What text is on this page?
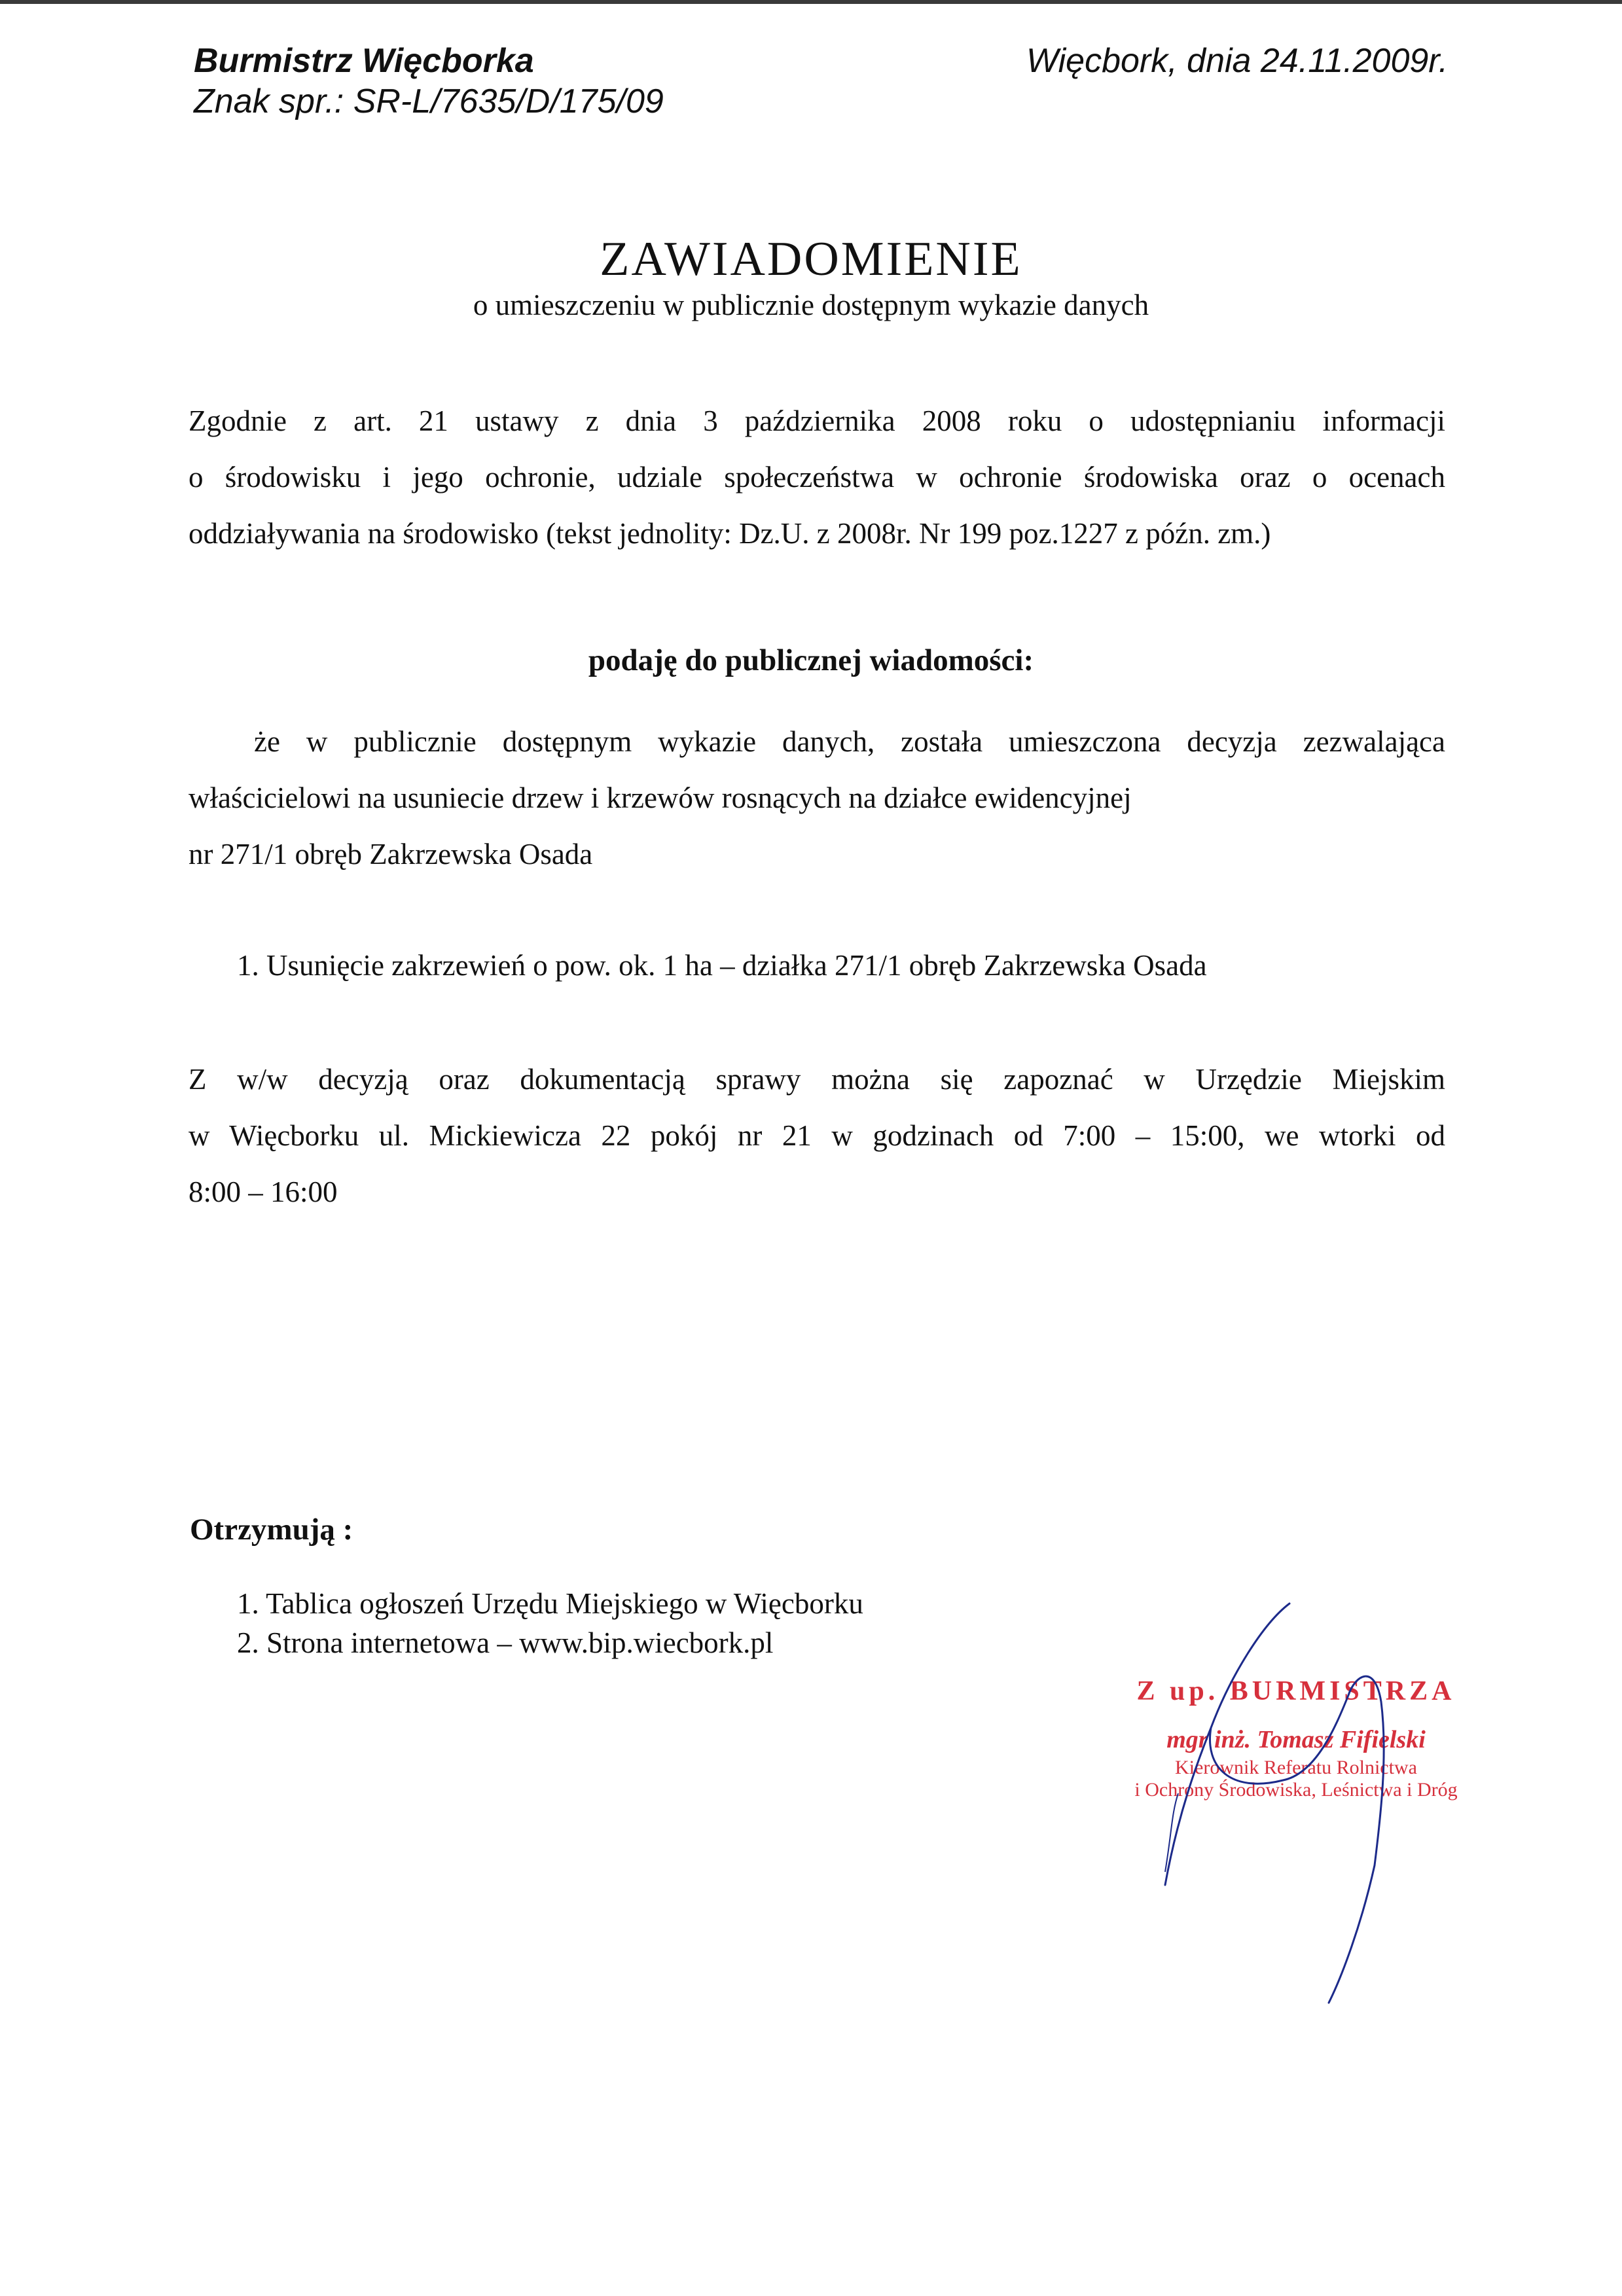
Burmistrz Więcborka
Znak spr.: SR-L/7635/D/175/09
Więcbork, dnia 24.11.2009r.
ZAWIADOMIENIE
o umieszczeniu w publicznie dostępnym wykazie danych
Zgodnie z art. 21 ustawy z dnia 3 października 2008 roku o udostępnianiu informacji
o środowisku i jego ochronie, udziale społeczeństwa w ochronie środowiska oraz o ocenach
oddziaływania na środowisko (tekst jednolity: Dz.U. z 2008r. Nr 199 poz.1227 z późn. zm.)
podaję do publicznej wiadomości:
że w publicznie dostępnym wykazie danych, została umieszczona decyzja zezwalająca
właścicielowi na usuniecie drzew i krzewów rosnących na działce ewidencyjnej
nr 271/1 obręb Zakrzewska Osada
1. Usunięcie zakrzewień o pow. ok. 1 ha – działka 271/1 obręb Zakrzewska Osada
Z w/w decyzją oraz dokumentacją sprawy można się zapoznać w Urzędzie Miejskim
w Więcborku ul. Mickiewicza 22 pokój nr 21 w godzinach od 7:00 – 15:00, we wtorki od
8:00 – 16:00
Otrzymują :
1. Tablica ogłoszeń Urzędu Miejskiego w Więcborku
2. Strona internetowa – www.bip.wiecbork.pl
Z up. BURMISTRZA
mgr inż. Tomasz Fifielski
Kierownik Referatu Rolnictwa
i Ochrony Środowiska, Leśnictwa i Dróg
